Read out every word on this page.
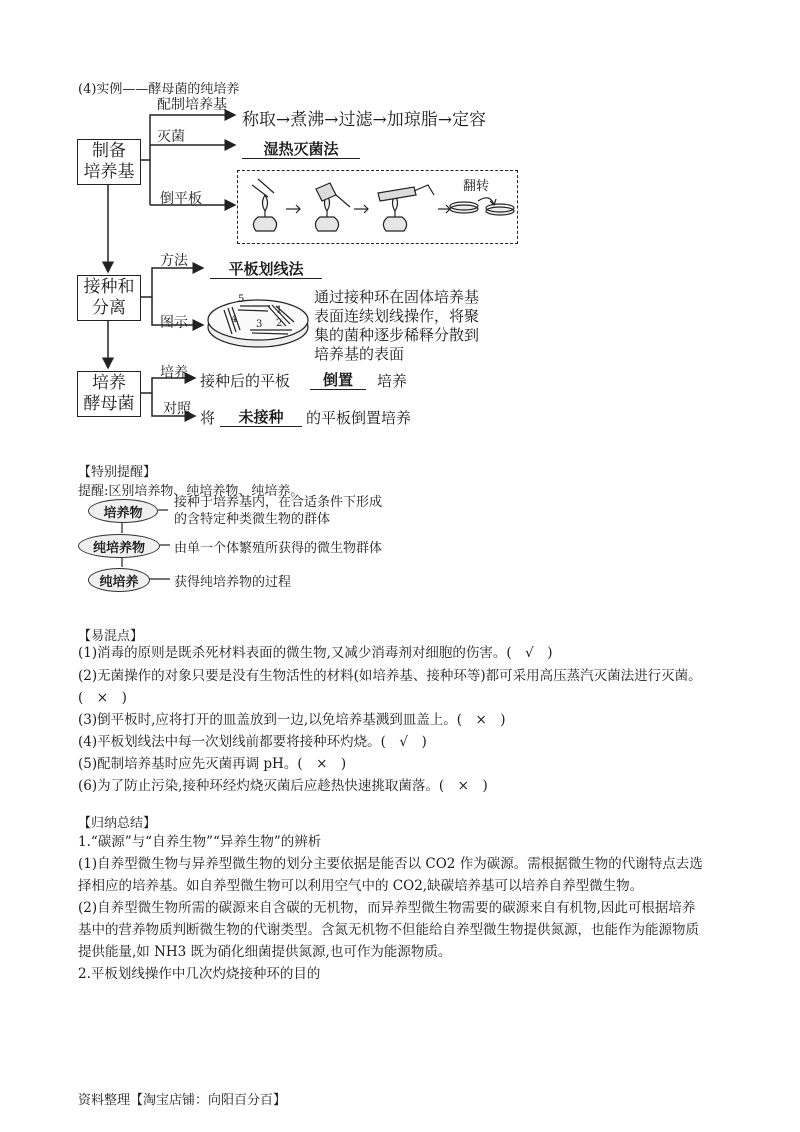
(4)实例——酵母菌的纯培养
制备
培养基
接种和
分离
培养
酵母菌
配制培养基
称取→煮沸→过滤→加琼脂→定容
灭菌
湿热灭菌法
倒平板
翻转
方法	平板划线法
图示
5
4 3 2
1
通过接种环在固体培养基
表面连续划线操作，将聚
集的菌种逐步稀释分散到
培养基的表面
培养 接种后的平板	倒置	培养
对照 将	未接种	的平板倒置培养
【特别提醒】
提醒:区别培养物、纯培养物、纯培养。
培养物
接种于培养基内，在合适条件下形成
的含特定种类微生物的群体
纯培养物	由单一个体繁殖所获得的微生物群体
纯培养	获得纯培养物的过程
【易混点】
(1)消毒的原则是既杀死材料表面的微生物,又减少消毒剂对细胞的伤害。(　√　)
(2)无菌操作的对象只要是没有生物活性的材料(如培养基、接种环等)都可采用高压蒸汽灭菌法进行灭菌。
(　×　)
(3)倒平板时,应将打开的皿盖放到一边,以免培养基溅到皿盖上。(　×　)
(4)平板划线法中每一次划线前都要将接种环灼烧。(　√　)
(5)配制培养基时应先灭菌再调 pH。(　×　)
(6)为了防止污染,接种环经灼烧灭菌后应趁热快速挑取菌落。(　×　)
【归纳总结】
1.“碳源”与“自养生物”“异养生物”的辨析
(1)自养型微生物与异养型微生物的划分主要依据是能否以 CO2 作为碳源。需根据微生物的代谢特点去选
择相应的培养基。如自养型微生物可以利用空气中的 CO2,缺碳培养基可以培养自养型微生物。
(2)自养型微生物所需的碳源来自含碳的无机物，而异养型微生物需要的碳源来自有机物,因此可根据培养
基中的营养物质判断微生物的代谢类型。含氮无机物不但能给自养型微生物提供氮源，也能作为能源物质
提供能量,如 NH3 既为硝化细菌提供氮源,也可作为能源物质。
2.平板划线操作中几次灼烧接种环的目的
资料整理【淘宝店铺：向阳百分百】
